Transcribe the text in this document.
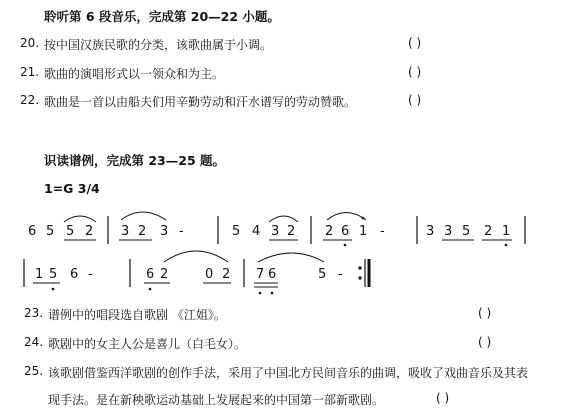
聆听第 6 段音乐，完成第 20—22 小题。
20. 按中国汉族民歌的分类，该歌曲属于小调。	( )
21. 歌曲的演唱形式以一领众和为主。	( )
22. 歌曲是一首以由船夫们用辛勤劳动和汗水谱写的劳动赞歌。	( )
识读谱例，完成第 23—25 题。
1=G 3/4
6 5 5 2 3 2 3 -	5 4 3 2 2 6 1 -	3 3 5 2 1
1 5 6 -	6 2	0 2 7 6	5 -
23. 谱例中的唱段选自歌剧 《江姐》。	( )
24. 歌剧中的女主人公是喜儿（白毛女）。	( )
25. 该歌剧借鉴西洋歌剧的创作手法，采用了中国北方民间音乐的曲调，吸收了戏曲音乐及其表
现手法。是在新秧歌运动基础上发展起来的中国第一部新歌剧。	( )
